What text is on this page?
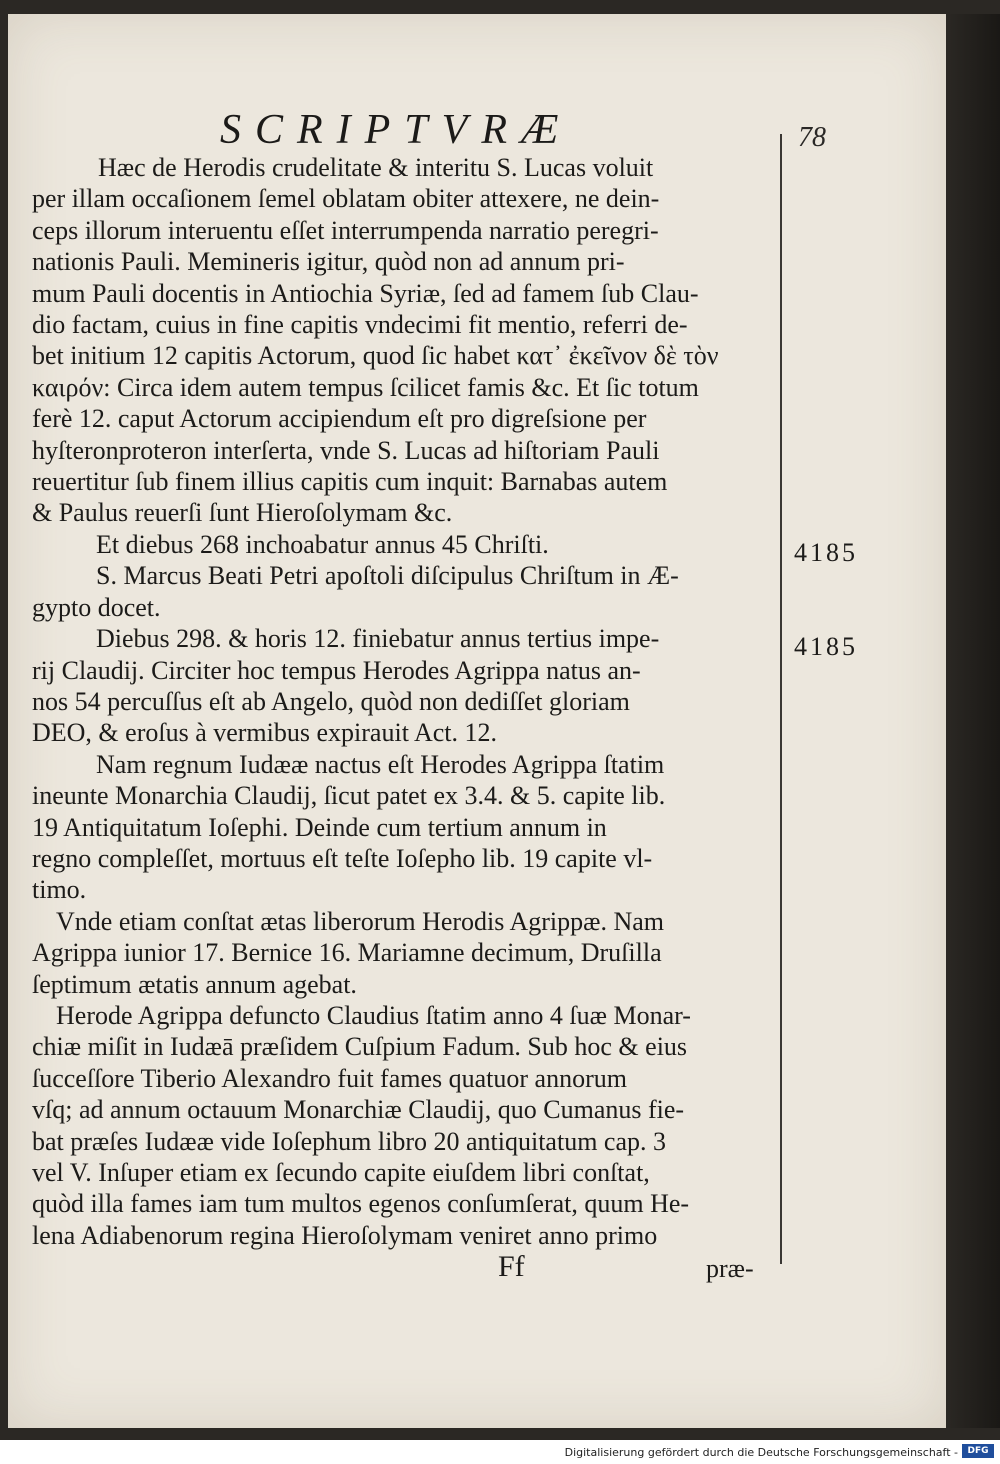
SCRIPTVRÆ	78
Hæc de Herodis crudelitate & interitu S. Lucas voluit
per illam occaſionem ſemel oblatam obiter attexere, ne dein-
ceps illorum interuentu eſſet interrumpenda narratio peregri-
nationis Pauli. Memineris igitur, quòd non ad annum pri-
mum Pauli docentis in Antiochia Syriæ, ſed ad famem ſub Clau-
dio factam, cuius in fine capitis vndecimi fit mentio, referri de-
bet initium 12 capitis Actorum, quod ſic habet κατ᾽ ἐκεῖνον δὲ τὸν
καιρόν: Circa idem autem tempus ſcilicet famis &c. Et ſic totum
ferè 12. caput Actorum accipiendum eſt pro digreſsione per
hyſteronproteron interſerta, vnde S. Lucas ad hiſtoriam Pauli
reuertitur ſub finem illius capitis cum inquit: Barnabas autem
& Paulus reuerſi ſunt Hieroſolymam &c.
Et diebus 268 inchoabatur annus 45 Chriſti.
S. Marcus Beati Petri apoſtoli diſcipulus Chriſtum in Æ-
gypto docet.
Diebus 298. & horis 12. finiebatur annus tertius impe-
rij Claudij. Circiter hoc tempus Herodes Agrippa natus an-
nos 54 percuſſus eſt ab Angelo, quòd non dediſſet gloriam
DEO, & eroſus à vermibus expirauit Act. 12.
Nam regnum Iudææ nactus eſt Herodes Agrippa ſtatim
ineunte Monarchia Claudij, ſicut patet ex 3.4. & 5. capite lib.
19 Antiquitatum Ioſephi. Deinde cum tertium annum in
regno compleſſet, mortuus eſt teſte Ioſepho lib. 19 capite vl-
timo.
Vnde etiam conſtat ætas liberorum Herodis Agrippæ. Nam
Agrippa iunior 17. Bernice 16. Mariamne decimum, Druſilla
ſeptimum ætatis annum agebat.
Herode Agrippa defuncto Claudius ſtatim anno 4 ſuæ Monar-
chiæ miſit in Iudæā præſidem Cuſpium Fadum. Sub hoc & eius
ſucceſſore Tiberio Alexandro fuit fames quatuor annorum
vſq; ad annum octauum Monarchiæ Claudij, quo Cumanus fie-
bat præſes Iudææ vide Ioſephum libro 20 antiquitatum cap. 3
vel V. Inſuper etiam ex ſecundo capite eiuſdem libri conſtat,
quòd illa fames iam tum multos egenos conſumſerat, quum He-
lena Adiabenorum regina Hieroſolymam veniret anno primo
4185
4185
Ff	præ-
Digitalisierung gefördert durch die Deutsche Forschungsgemeinschaft -	DFG
